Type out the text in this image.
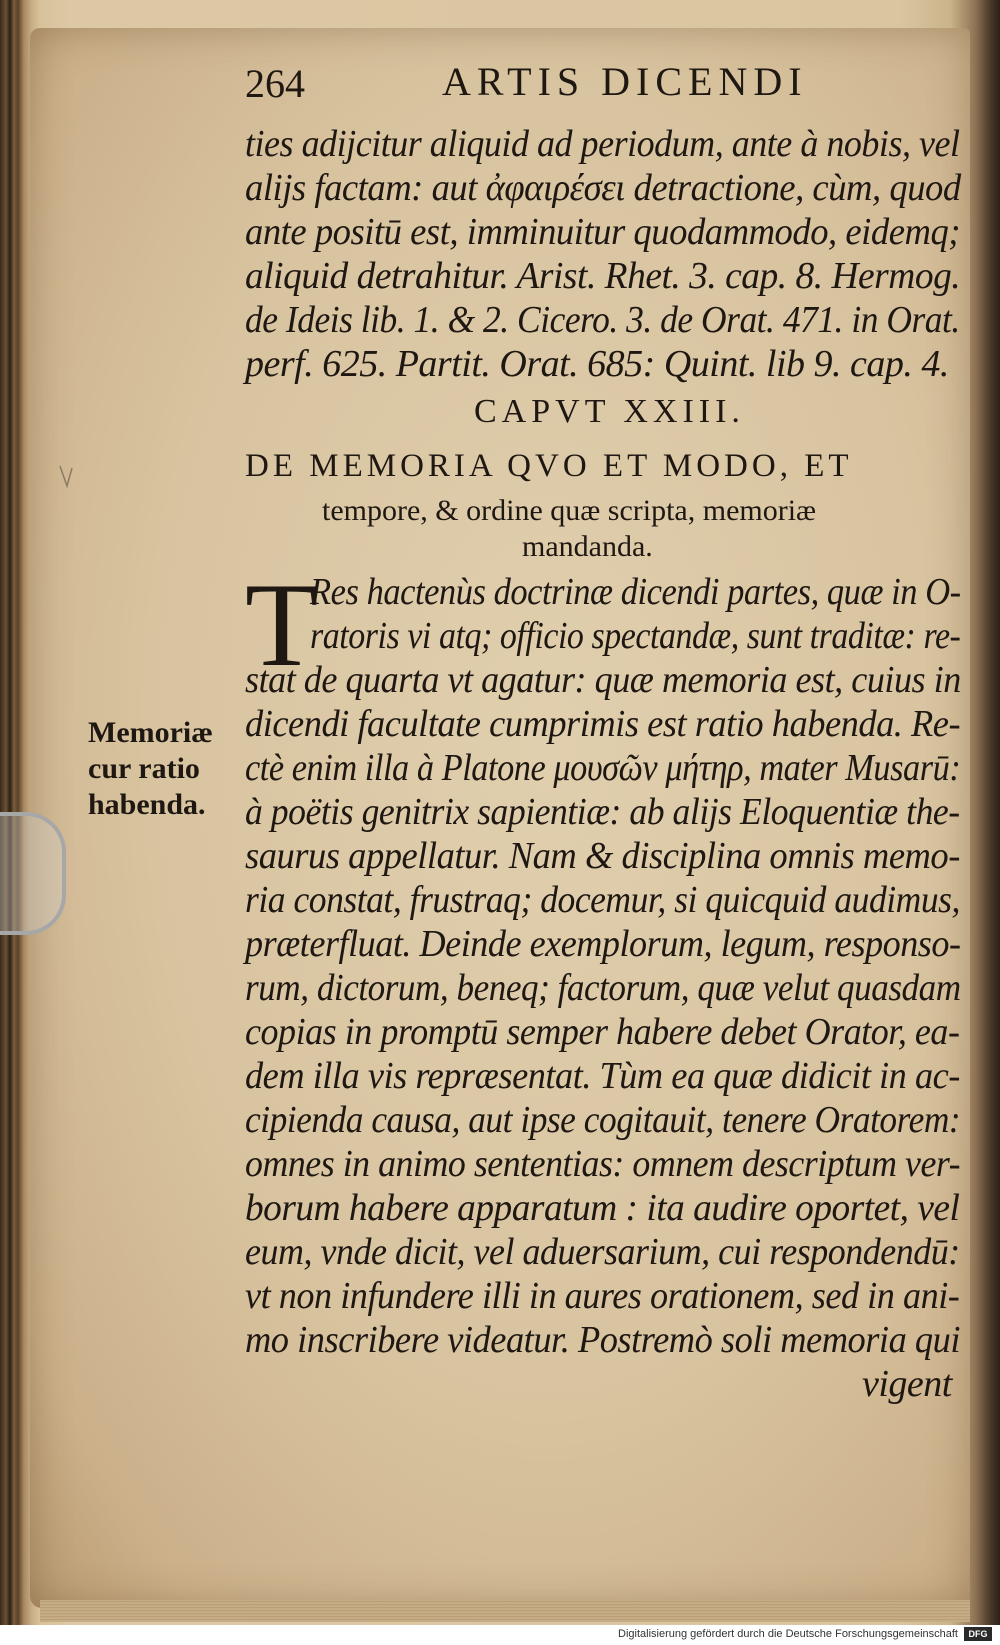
264	ARTIS DICENDI
ties adijcitur aliquid ad periodum, ante à nobis, vel
alijs factam: aut ἀφαιρέσει detractione, cùm, quod
ante positū est, imminuitur quodammodo, eidemq;
aliquid detrahitur. Arist. Rhet. 3. cap. 8. Hermog.
de Ideis lib. 1. & 2. Cicero. 3. de Orat. 471. in Orat.
perf. 625. Partit. Orat. 685: Quint. lib 9. cap. 4.
CAPVT XXIII.
DE MEMORIA QVO ET MODO, ET
tempore, & ordine quæ scripta, memoriæ
mandanda.
T
Res hactenùs doctrinæ dicendi partes, quæ in O-
ratoris vi atq; officio spectandæ, sunt traditæ: re-
stat de quarta vt agatur: quæ memoria est, cuius in
dicendi facultate cumprimis est ratio habenda. Re-
ctè enim illa à Platone μουσῶν μήτηρ, mater Musarū:
à poëtis genitrix sapientiæ: ab alijs Eloquentiæ the-
saurus appellatur. Nam & disciplina omnis memo-
ria constat, frustraq; docemur, si quicquid audimus,
præterfluat. Deinde exemplorum, legum, responso-
rum, dictorum, beneq; factorum, quæ velut quasdam
copias in promptū semper habere debet Orator, ea-
dem illa vis repræsentat. Tùm ea quæ didicit in ac-
cipienda causa, aut ipse cogitauit, tenere Oratorem:
omnes in animo sententias: omnem descriptum ver-
borum habere apparatum : ita audire oportet, vel
eum, vnde dicit, vel aduersarium, cui respondendū:
vt non infundere illi in aures orationem, sed in ani-
mo inscribere videatur. Postremò soli memoria qui
vigent
Memoriæ
cur ratio
habenda.
Digitalisierung gefördert durch die Deutsche Forschungsgemeinschaft	DFG
